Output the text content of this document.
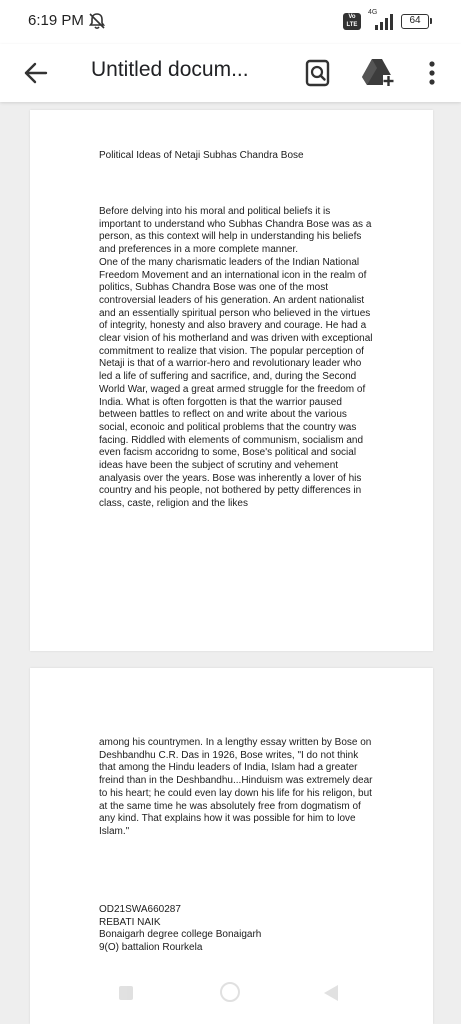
6:19 PM	Vo LTE
4G
64
Untitled docum...
Political Ideas of Netaji Subhas Chandra Bose
Before delving into his moral and political beliefs it is important to understand who Subhas Chandra Bose was as a person, as this context will help in understanding his beliefs and preferences in a more complete manner.
One of the many charismatic leaders of the Indian National Freedom Movement and an international icon in the realm of politics, Subhas Chandra Bose was one of the most controversial leaders of his generation. An ardent nationalist and an essentially spiritual person who believed in the virtues of integrity, honesty and also bravery and courage. He had a clear vision of his motherland and was driven with exceptional commitment to realize that vision. The popular perception of Netaji is that of a warrior-hero and revolutionary leader who led a life of suffering and sacrifice, and, during the Second World War, waged a great armed struggle for the freedom of India. What is often forgotten is that the warrior paused between battles to reflect on and write about the various social, econoic and political problems that the country was facing. Riddled with elements of communism, socialism and even facism accoridng to some, Bose's political and social ideas have been the subject of scrutiny and vehement analyasis over the years. Bose was inherently a lover of his country and his people, not bothered by petty differences in class, caste, religion and the likes
among his countrymen. In a lengthy essay written by Bose on Deshbandhu C.R. Das in 1926, Bose writes, "I do not think that among the Hindu leaders of India, Islam had a greater freind than in the Deshbandhu...Hinduism was extremely dear to his heart; he could even lay down his life for his religon, but at the same time he was absolutely free from dogmatism of any kind. That explains how it was possible for him to love Islam."
OD21SWA660287
REBATI NAIK
Bonaigarh degree college Bonaigarh
9(O) battalion Rourkela
